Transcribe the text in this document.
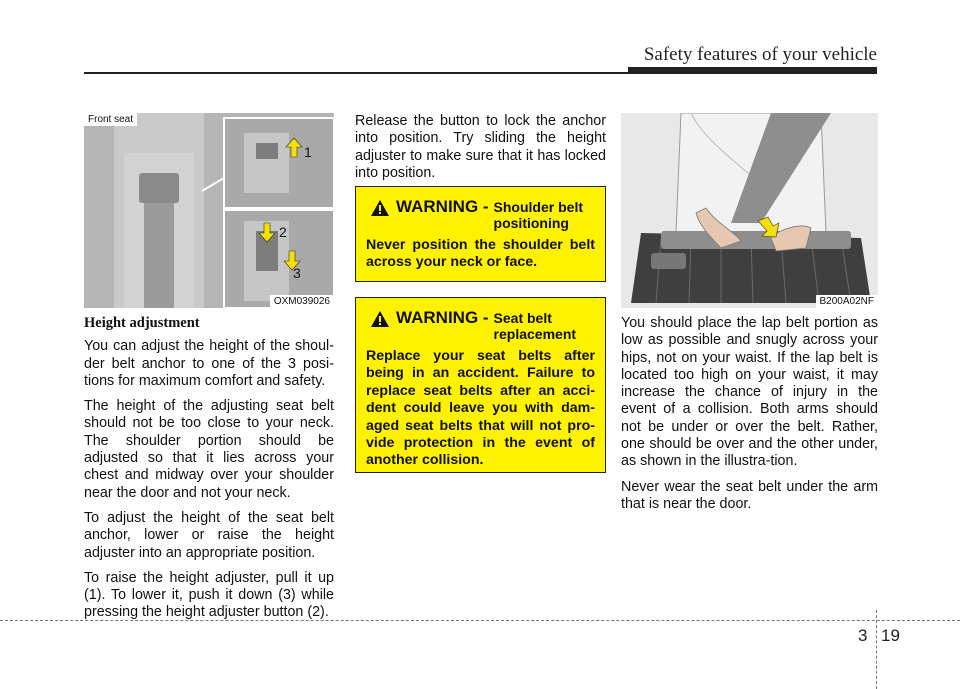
Safety features of your vehicle
1
2
3
Front seat
OXM039026
Height adjustment

You can adjust the height of the shoul-der belt anchor to one of the 3 posi-tions for maximum comfort and safety.

The height of the adjusting seat belt should not be too close to your neck. The shoulder portion should be adjusted so that it lies across your chest and midway over your shoulder near the door and not your neck.

To adjust the height of the seat belt anchor, lower or raise the height adjuster into an appropriate position.

To raise the height adjuster, pull it up (1). To lower it, push it down (3) while pressing the height adjuster button (2).

Release the button to lock the anchor into position. Try sliding the height adjuster to make sure that it has locked into position.

WARNING - Shoulder belt positioning
Never position the shoulder belt across your neck or face.
WARNING - Seat belt replacement
Replace your seat belts after being in an accident. Failure to replace seat belts after an acci-dent could leave you with dam-aged seat belts that will not pro-vide protection in the event of another collision.
B200A02NF

You should place the lap belt portion as low as possible and snugly across your hips, not on your waist. If the lap belt is located too high on your waist, it may increase the chance of injury in the event of a collision. Both arms should not be under or over the belt. Rather, one should be over and the other under, as shown in the illustra-tion.

Never wear the seat belt under the arm that is near the door.

3 19
